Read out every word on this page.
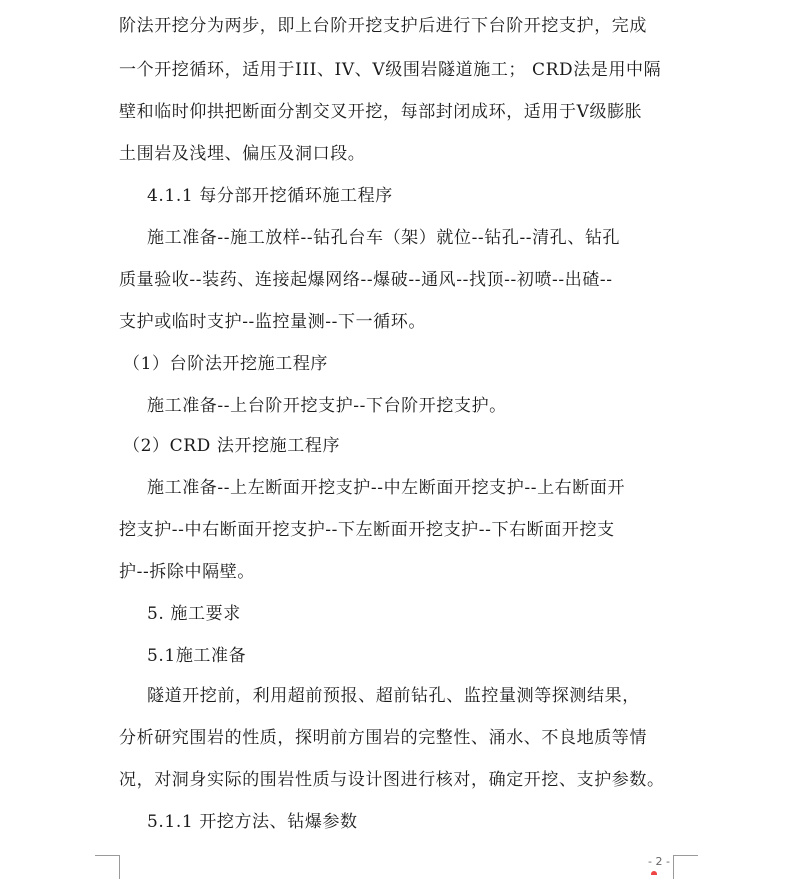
阶法开挖分为两步，即上台阶开挖支护后进行下台阶开挖支护，完成
一个开挖循环，适用于III、IV、V级围岩隧道施工； CRD法是用中隔
壁和临时仰拱把断面分割交叉开挖，每部封闭成环，适用于V级膨胀
土围岩及浅埋、偏压及洞口段。
4.1.1 每分部开挖循环施工程序
施工准备--施工放样--钻孔台车（架）就位--钻孔--清孔、钻孔
质量验收--装药、连接起爆网络--爆破--通风--找顶--初喷--出碴--
支护或临时支护--监控量测--下一循环。
（1）台阶法开挖施工程序
施工准备--上台阶开挖支护--下台阶开挖支护。
（2）CRD 法开挖施工程序
施工准备--上左断面开挖支护--中左断面开挖支护--上右断面开
挖支护--中右断面开挖支护--下左断面开挖支护--下右断面开挖支
护--拆除中隔壁。
5. 施工要求
5.1施工准备
隧道开挖前，利用超前预报、超前钻孔、监控量测等探测结果，
分析研究围岩的性质，探明前方围岩的完整性、涌水、不良地质等情
况，对洞身实际的围岩性质与设计图进行核对，确定开挖、支护参数。
5.1.1 开挖方法、钻爆参数
- 2 -
